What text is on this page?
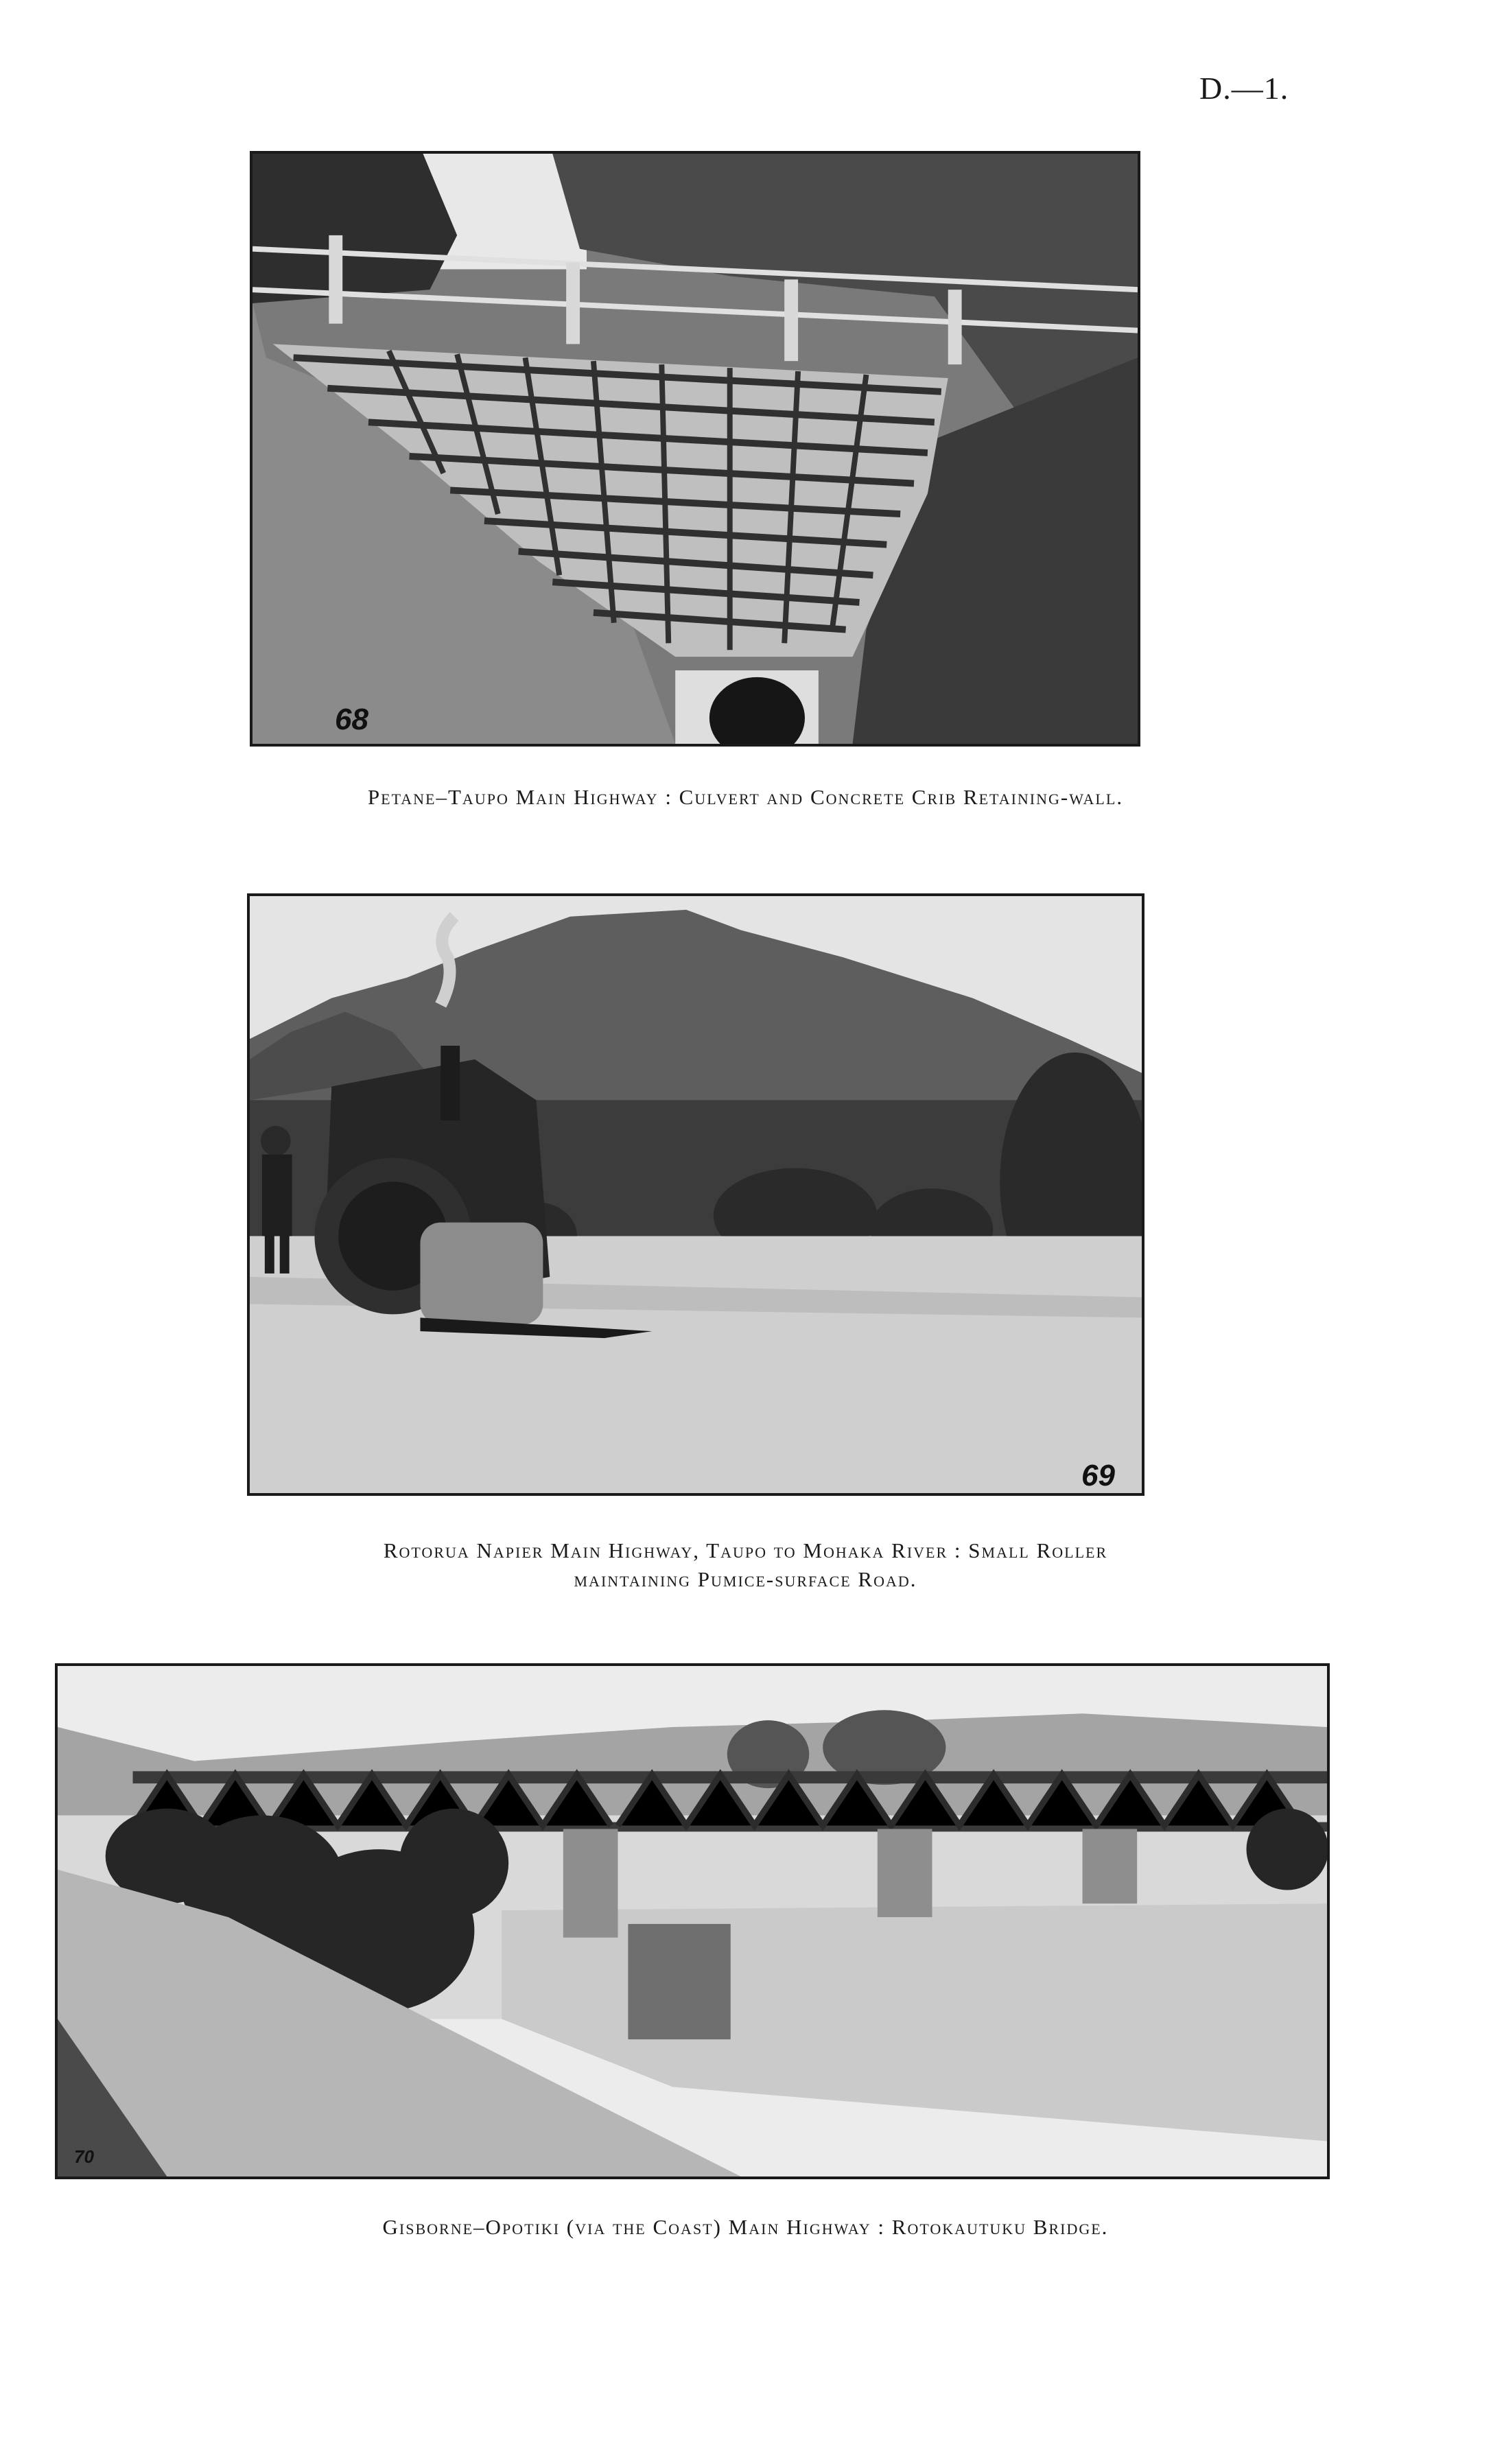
D.—1.
68
Petane–Taupo Main Highway : Culvert and Concrete Crib Retaining-wall.
69
Rotorua Napier Main Highway, Taupo to Mohaka River : Small Roller
maintaining Pumice-surface Road.
70
Gisborne–Opotiki (via the Coast) Main Highway : Rotokautuku Bridge.
